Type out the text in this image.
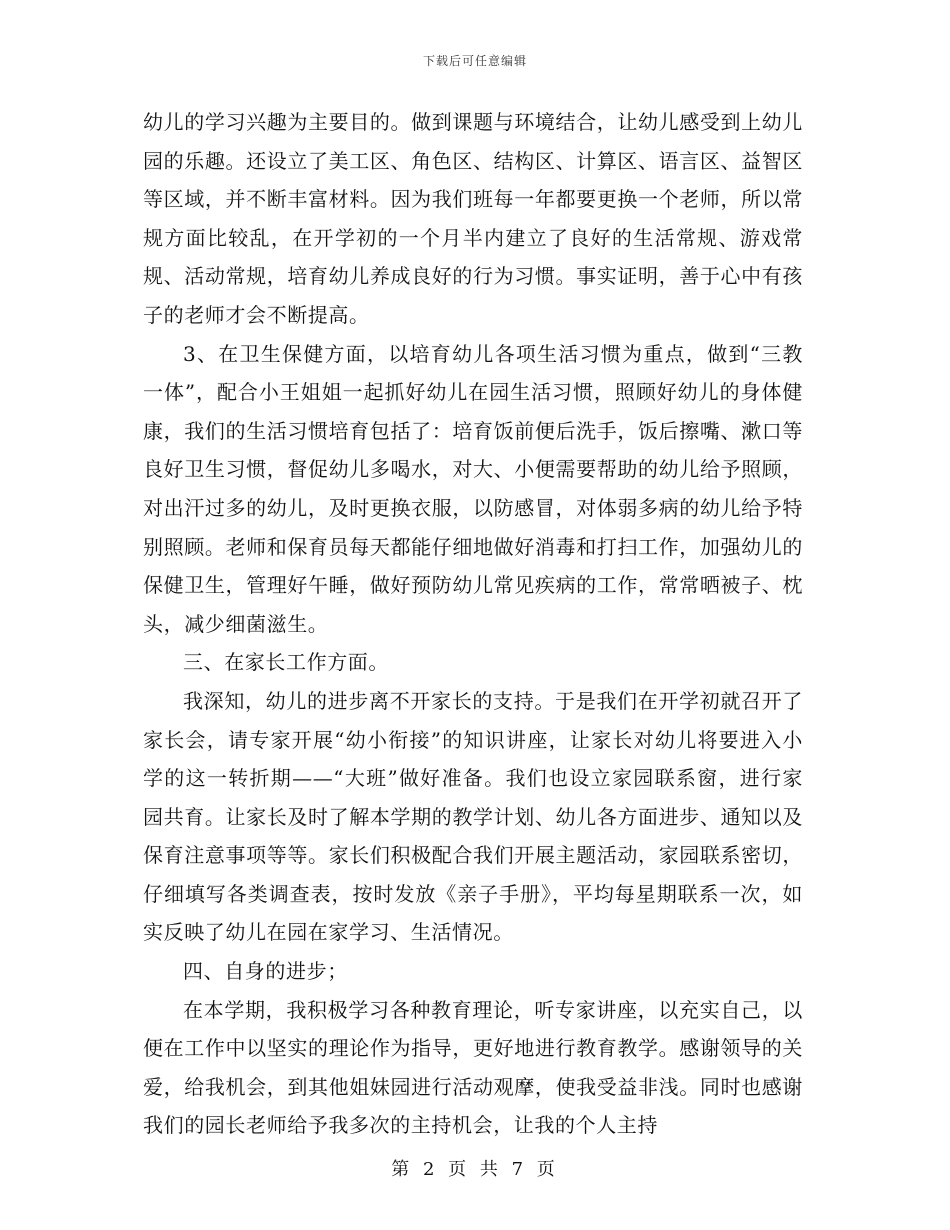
下载后可任意编辑

幼儿的学习兴趣为主要目的。做到课题与环境结合，让幼儿感受到上幼儿园的乐趣。还设立了美工区、角色区、结构区、计算区、语言区、益智区等区域，并不断丰富材料。因为我们班每一年都要更换一个老师，所以常规方面比较乱，在开学初的一个月半内建立了良好的生活常规、游戏常规、活动常规，培育幼儿养成良好的行为习惯。事实证明，善于心中有孩子的老师才会不断提高。

3、在卫生保健方面，以培育幼儿各项生活习惯为重点，做到“三教一体”，配合小王姐姐一起抓好幼儿在园生活习惯，照顾好幼儿的身体健康，我们的生活习惯培育包括了：培育饭前便后洗手，饭后擦嘴、漱口等良好卫生习惯，督促幼儿多喝水，对大、小便需要帮助的幼儿给予照顾，对出汗过多的幼儿，及时更换衣服，以防感冒，对体弱多病的幼儿给予特别照顾。老师和保育员每天都能仔细地做好消毒和打扫工作，加强幼儿的保健卫生，管理好午睡，做好预防幼儿常见疾病的工作，常常晒被子、枕头，减少细菌滋生。

三、在家长工作方面。

我深知，幼儿的进步离不开家长的支持。于是我们在开学初就召开了家长会，请专家开展“幼小衔接”的知识讲座，让家长对幼儿将要进入小学的这一转折期——“大班”做好准备。我们也设立家园联系窗，进行家园共育。让家长及时了解本学期的教学计划、幼儿各方面进步、通知以及保育注意事项等等。家长们积极配合我们开展主题活动，家园联系密切，仔细填写各类调查表，按时发放《亲子手册》，平均每星期联系一次，如实反映了幼儿在园在家学习、生活情况。

四、自身的进步；

在本学期，我积极学习各种教育理论，听专家讲座，以充实自己，以便在工作中以坚实的理论作为指导，更好地进行教育教学。感谢领导的关爱，给我机会，到其他姐妹园进行活动观摩，使我受益非浅。同时也感谢我们的园长老师给予我多次的主持机会，让我的个人主持

第 2 页 共 7 页
